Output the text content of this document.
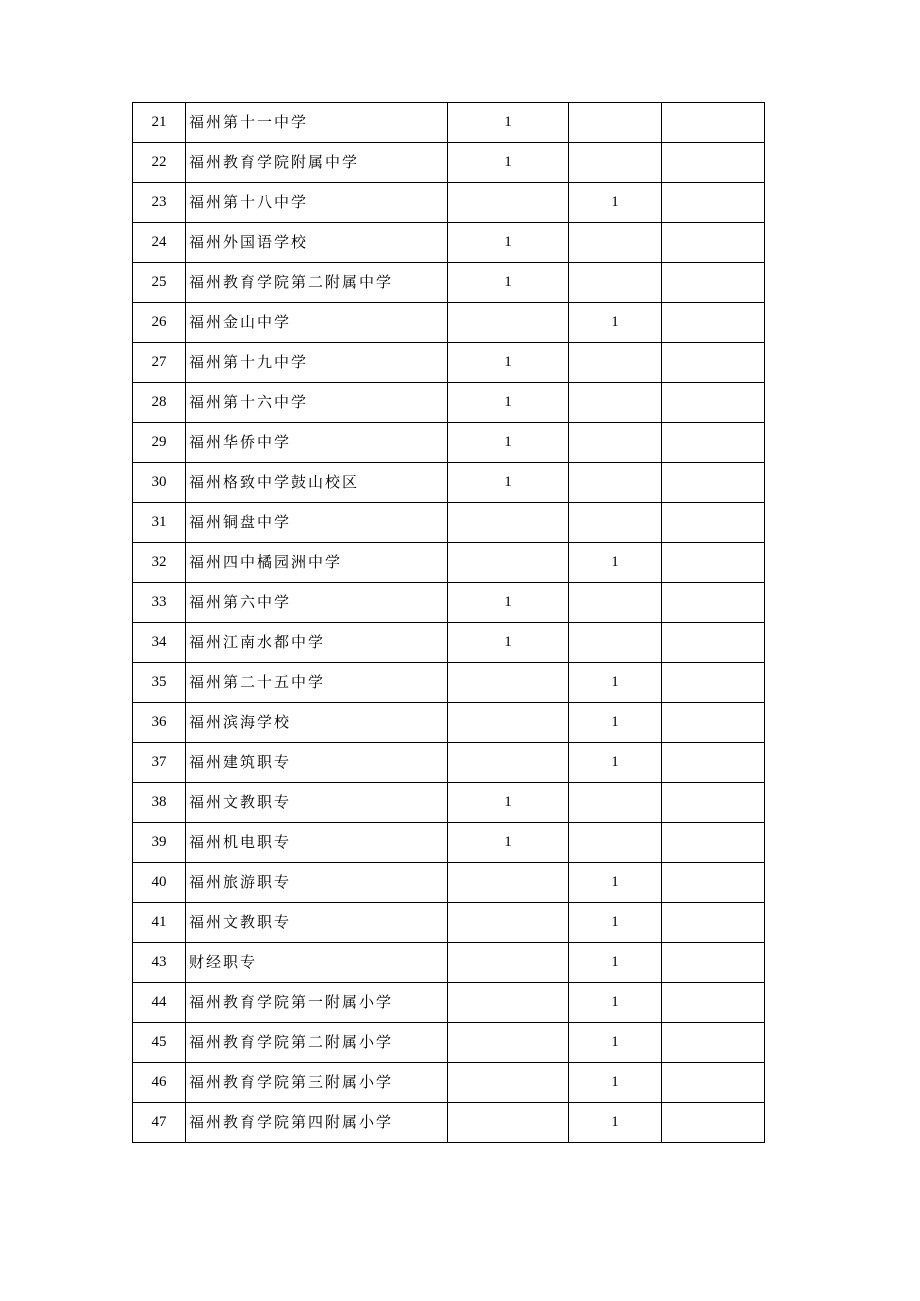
21	福州第十一中学	1		
22	福州教育学院附属中学	1		
23	福州第十八中学		1	
24	福州外国语学校	1		
25	福州教育学院第二附属中学	1		
26	福州金山中学		1	
27	福州第十九中学	1		
28	福州第十六中学	1		
29	福州华侨中学	1		
30	福州格致中学鼓山校区	1		
31	福州铜盘中学			
32	福州四中橘园洲中学		1	
33	福州第六中学	1		
34	福州江南水都中学	1		
35	福州第二十五中学		1	
36	福州滨海学校		1	
37	福州建筑职专		1	
38	福州文教职专	1		
39	福州机电职专	1		
40	福州旅游职专		1	
41	福州文教职专		1	
43	财经职专		1	
44	福州教育学院第一附属小学		1	
45	福州教育学院第二附属小学		1	
46	福州教育学院第三附属小学		1	
47	福州教育学院第四附属小学		1	
